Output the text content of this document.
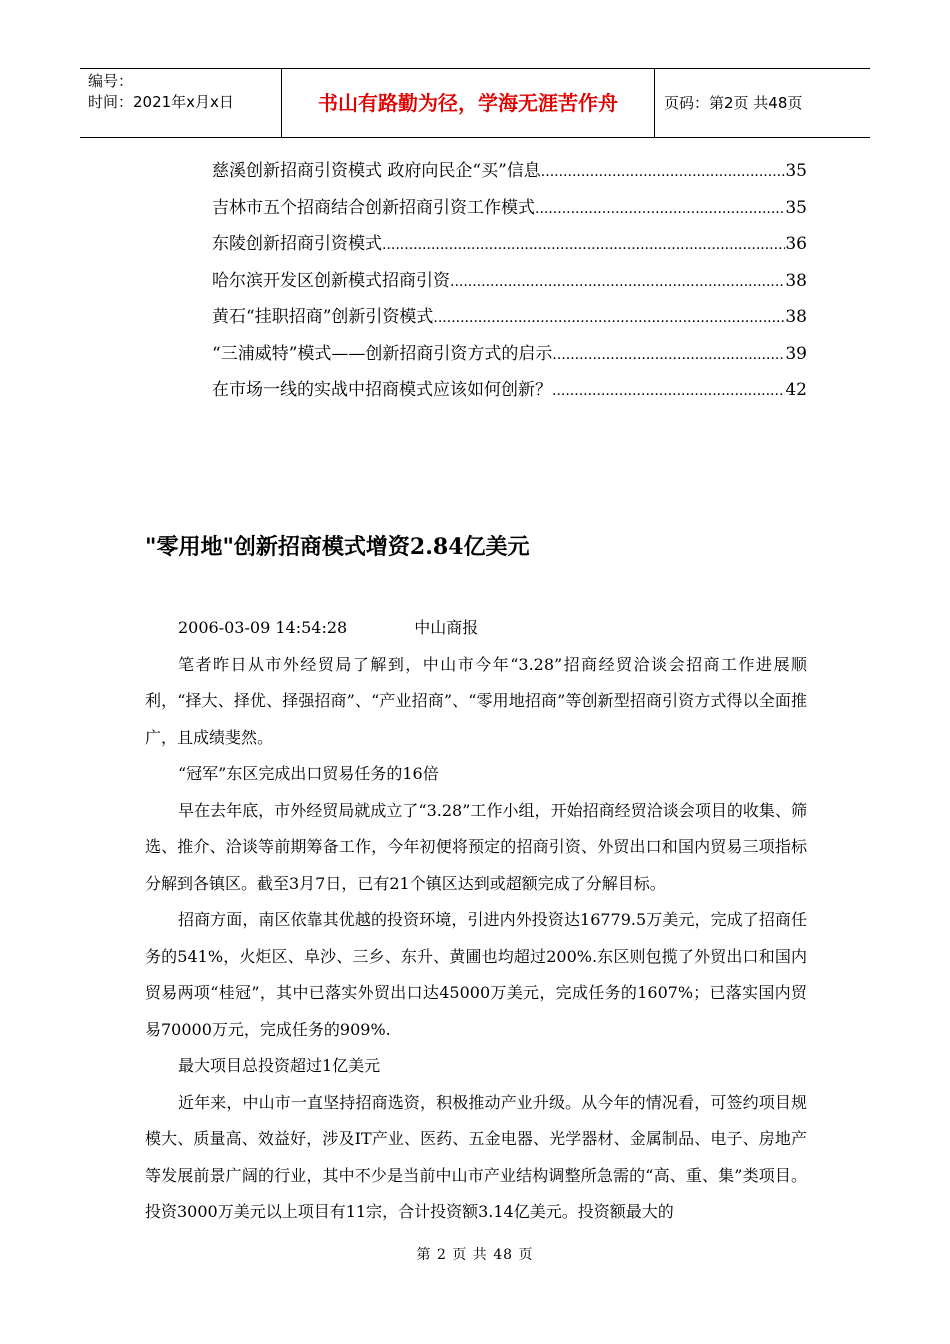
编号：
时间：2021年x月x日	书山有路勤为径，学海无涯苦作舟	页码：第2页 共48页
慈溪创新招商引资模式 政府向民企“买”信息 .....	35
吉林市五个招商结合创新招商引资工作模式 .....	35
东陵创新招商引资模式 .....	36
哈尔滨开发区创新模式招商引资 .....	38
黄石“挂职招商”创新引资模式 .....	38
“三浦威特”模式——创新招商引资方式的启示 .....	39
在市场一线的实战中招商模式应该如何创新？ .....	42
"零用地"创新招商模式增资2.84亿美元

2006-03-09 14:54:28	中山商报

笔者昨日从市外经贸局了解到，中山市今年“3.28”招商经贸洽谈会招商工作进展顺利，“择大、择优、择强招商”、“产业招商”、“零用地招商”等创新型招商引资方式得以全面推广，且成绩斐然。

“冠军”东区完成出口贸易任务的16倍

早在去年底，市外经贸局就成立了“3.28”工作小组，开始招商经贸洽谈会项目的收集、筛选、推介、洽谈等前期筹备工作，今年初便将预定的招商引资、外贸出口和国内贸易三项指标分解到各镇区。截至3月7日，已有21个镇区达到或超额完成了分解目标。

招商方面，南区依靠其优越的投资环境，引进内外投资达16779.5万美元，完成了招商任务的541%，火炬区、阜沙、三乡、东升、黄圃也均超过200%.东区则包揽了外贸出口和国内贸易两项“桂冠”，其中已落实外贸出口达45000万美元，完成任务的1607%；已落实国内贸易70000万元，完成任务的909%.

最大项目总投资超过1亿美元

近年来，中山市一直坚持招商选资，积极推动产业升级。从今年的情况看，可签约项目规模大、质量高、效益好，涉及IT产业、医药、五金电器、光学器材、金属制品、电子、房地产等发展前景广阔的行业，其中不少是当前中山市产业结构调整所急需的“高、重、集”类项目。投资3000万美元以上项目有11宗，合计投资额3.14亿美元。投资额最大的

第 2 页 共 48 页
